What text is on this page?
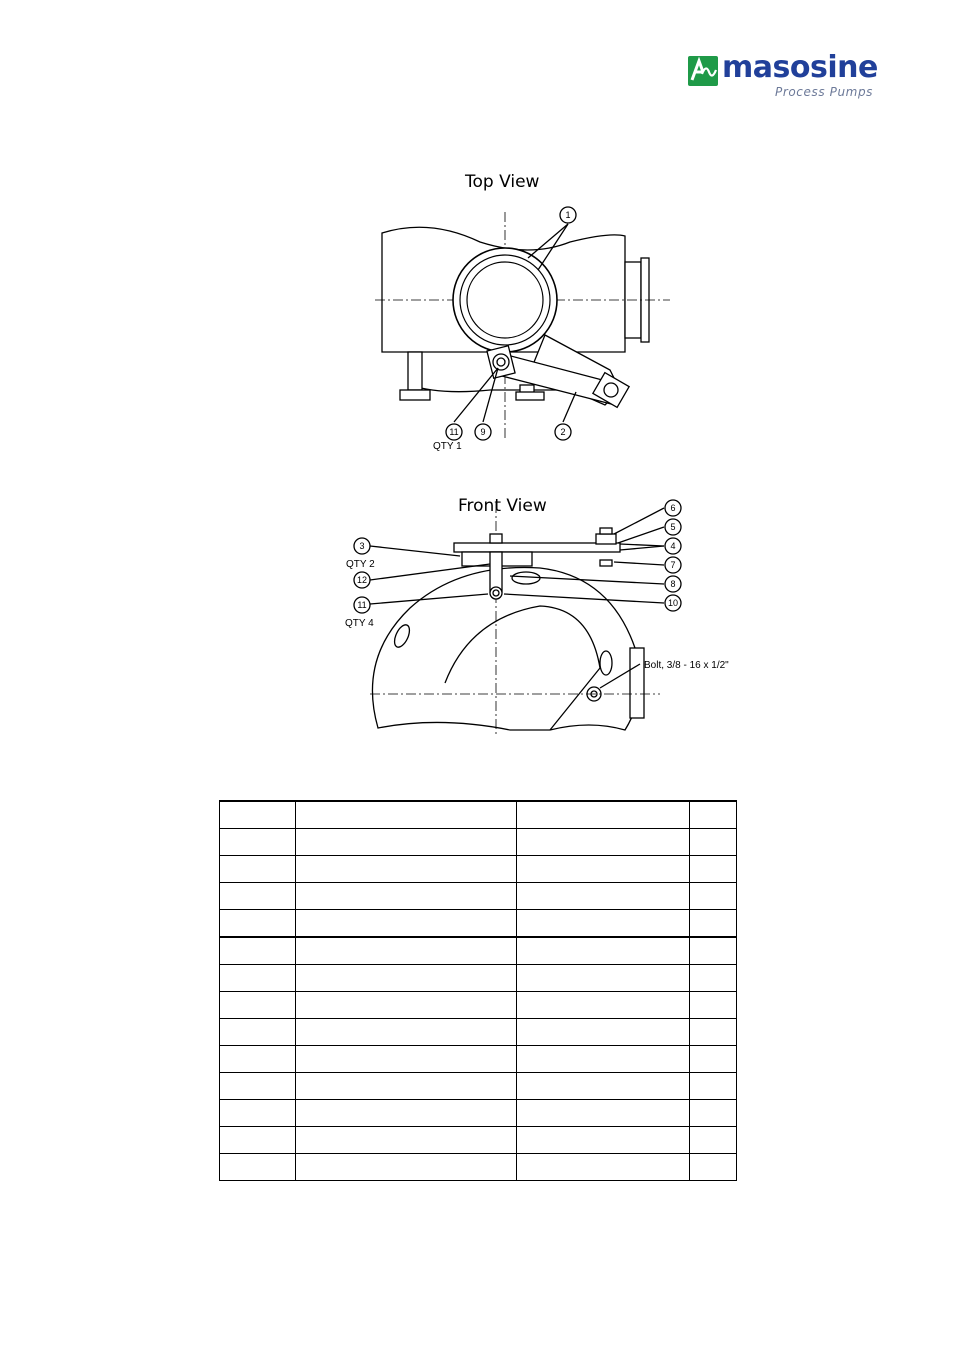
masosine
Process Pumps
Top View
1
11
QTY 1
9	2
Front View
3
QTY 2
12
11
QTY 4
6
5
4
7
8
10
Bolt, 3/8 - 16 x 1/2"
